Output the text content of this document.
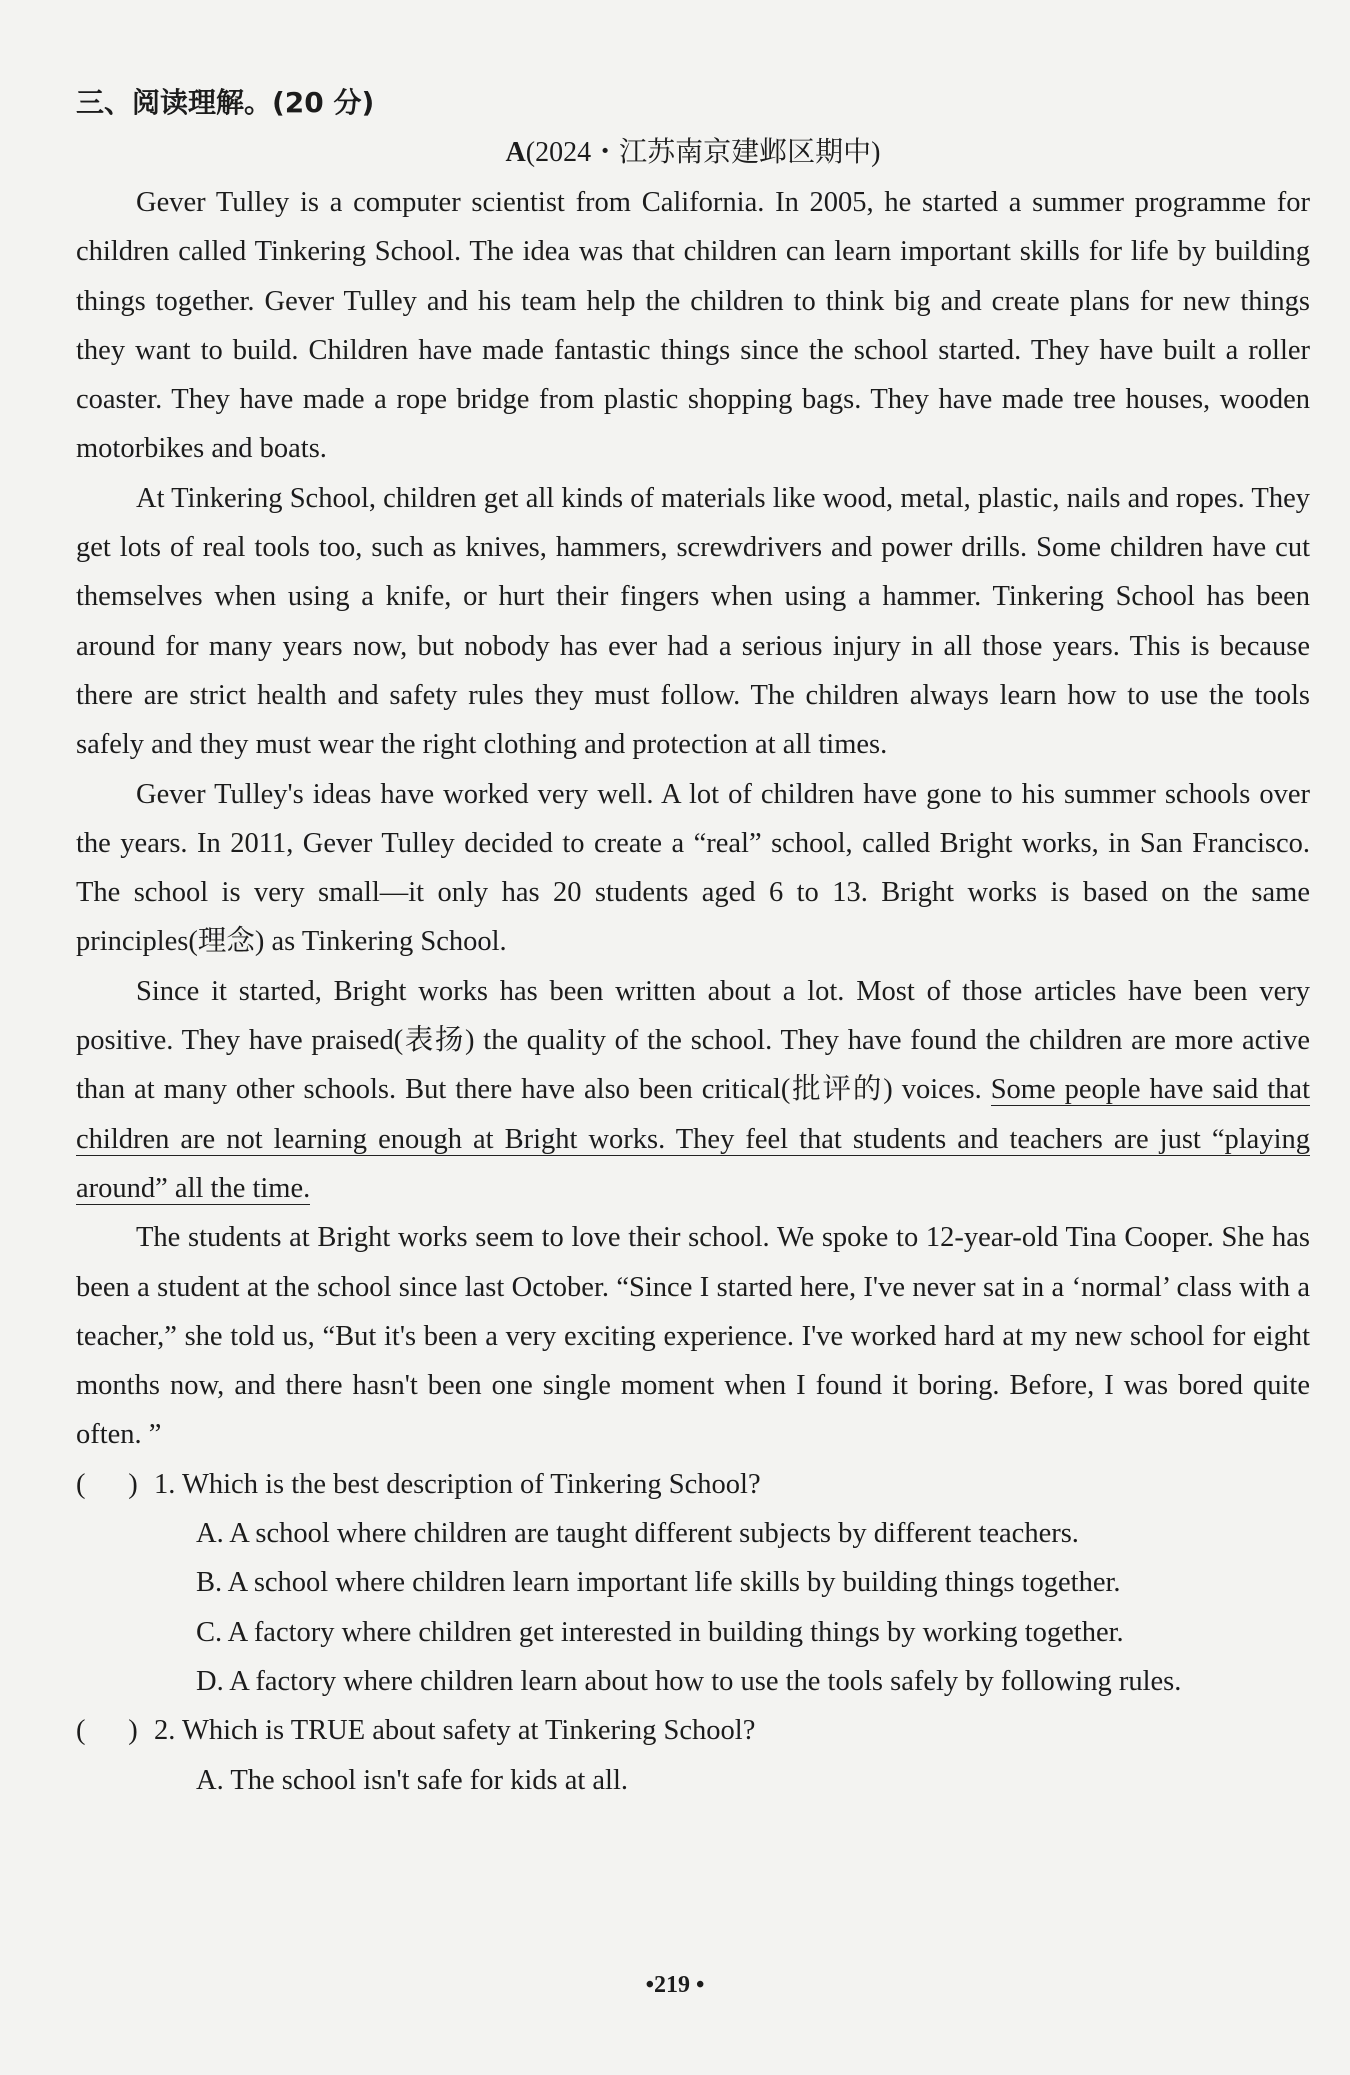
三、阅读理解。(20 分)
A(2024・江苏南京建邺区期中)

Gever Tulley is a computer scientist from California. In 2005, he started a summer programme for children called Tinkering School. The idea was that children can learn important skills for life by building things together. Gever Tulley and his team help the children to think big and create plans for new things they want to build. Children have made fantastic things since the school started. They have built a roller coaster. They have made a rope bridge from plastic shopping bags. They have made tree houses, wooden motorbikes and boats.

At Tinkering School, children get all kinds of materials like wood, metal, plastic, nails and ropes. They get lots of real tools too, such as knives, hammers, screwdrivers and power drills. Some children have cut themselves when using a knife, or hurt their fingers when using a hammer. Tinkering School has been around for many years now, but nobody has ever had a serious injury in all those years. This is because there are strict health and safety rules they must follow. The children always learn how to use the tools safely and they must wear the right clothing and protection at all times.

Gever Tulley's ideas have worked very well. A lot of children have gone to his summer schools over the years. In 2011, Gever Tulley decided to create a “real” school, called Bright works, in San Francisco. The school is very small—it only has 20 students aged 6 to 13. Bright works is based on the same principles(理念) as Tinkering School.

Since it started, Bright works has been written about a lot. Most of those articles have been very positive. They have praised(表扬) the quality of the school. They have found the children are more active than at many other schools. But there have also been critical(批评的) voices. Some people have said that children are not learning enough at Bright works. They feel that students and teachers are just “playing around” all the time.

The students at Bright works seem to love their school. We spoke to 12-year-old Tina Cooper. She has been a student at the school since last October. “Since I started here, I've never sat in a ‘normal’ class with a teacher,” she told us, “But it's been a very exciting experience. I've worked hard at my new school for eight months now, and there hasn't been one single moment when I found it boring. Before, I was bored quite often. ”

(      ) 1. Which is the best description of Tinkering School?
A. A school where children are taught different subjects by different teachers.
B. A school where children learn important life skills by building things together.
C. A factory where children get interested in building things by working together.
D. A factory where children learn about how to use the tools safely by following rules.
(      ) 2. Which is TRUE about safety at Tinkering School?
A. The school isn't safe for kids at all.
•219 •
